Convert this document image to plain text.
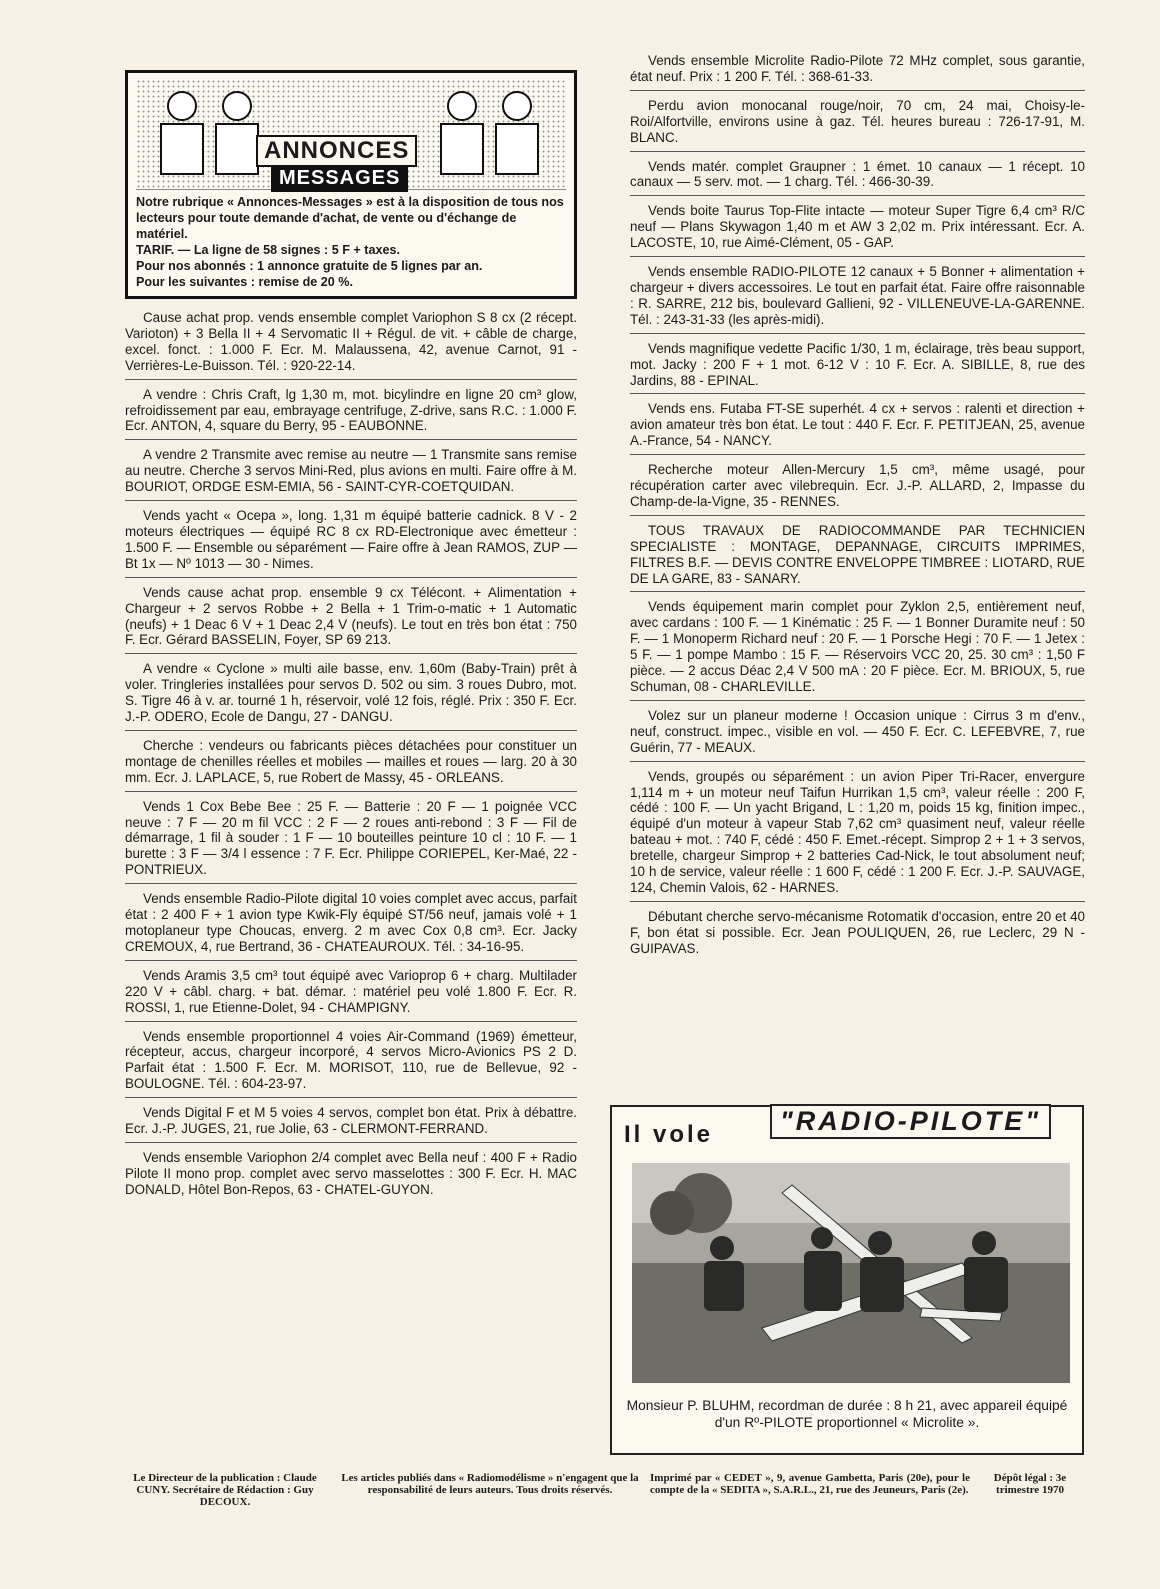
ANNONCES
MESSAGES

Notre rubrique « Annonces-Messages » est à la disposition de tous nos lecteurs pour toute demande d'achat, de vente ou d'échange de matériel.

TARIF. — La ligne de 58 signes : 5 F + taxes.

Pour nos abonnés : 1 annonce gratuite de 5 lignes par an.

Pour les suivantes : remise de 20 %.

Cause achat prop. vends ensemble complet Variophon S 8 cx (2 récept. Varioton) + 3 Bella II + 4 Servomatic II + Régul. de vit. + câble de charge, excel. fonct. : 1.000 F. Ecr. M. Malaussena, 42, avenue Carnot, 91 - Verrières-Le-Buisson. Tél. : 920-22-14.

A vendre : Chris Craft, lg 1,30 m, mot. bicylindre en ligne 20 cm³ glow, refroidissement par eau, embrayage centrifuge, Z-drive, sans R.C. : 1.000 F. Ecr. ANTON, 4, square du Berry, 95 - EAUBONNE.

A vendre 2 Transmite avec remise au neutre — 1 Transmite sans remise au neutre. Cherche 3 servos Mini-Red, plus avions en multi. Faire offre à M. BOURIOT, ORDGE ESM-EMIA, 56 - SAINT-CYR-COETQUIDAN.

Vends yacht « Ocepa », long. 1,31 m équipé batterie cadnick. 8 V - 2 moteurs électriques — équipé RC 8 cx RD-Electronique avec émetteur : 1.500 F. — Ensemble ou séparément — Faire offre à Jean RAMOS, ZUP — Bt 1x — Nº 1013 — 30 - Nimes.

Vends cause achat prop. ensemble 9 cx Télécont. + Alimentation + Chargeur + 2 servos Robbe + 2 Bella + 1 Trim-o-matic + 1 Automatic (neufs) + 1 Deac 6 V + 1 Deac 2,4 V (neufs). Le tout en très bon état : 750 F. Ecr. Gérard BASSELIN, Foyer, SP 69 213.

A vendre « Cyclone » multi aile basse, env. 1,60m (Baby-Train) prêt à voler. Tringleries installées pour servos D. 502 ou sim. 3 roues Dubro, mot. S. Tigre 46 à v. ar. tourné 1 h, réservoir, volé 12 fois, réglé. Prix : 350 F. Ecr. J.-P. ODERO, Ecole de Dangu, 27 - DANGU.

Cherche : vendeurs ou fabricants pièces détachées pour constituer un montage de chenilles réelles et mobiles — mailles et roues — larg. 20 à 30 mm. Ecr. J. LAPLACE, 5, rue Robert de Massy, 45 - ORLEANS.

Vends 1 Cox Bebe Bee : 25 F. — Batterie : 20 F — 1 poignée VCC neuve : 7 F — 20 m fil VCC : 2 F — 2 roues anti-rebond : 3 F — Fil de démarrage, 1 fil à souder : 1 F — 10 bouteilles peinture 10 cl : 10 F. — 1 burette : 3 F — 3/4 l essence : 7 F. Ecr. Philippe CORIEPEL, Ker-Maé, 22 - PONTRIEUX.

Vends ensemble Radio-Pilote digital 10 voies complet avec accus, parfait état : 2 400 F + 1 avion type Kwik-Fly équipé ST/56 neuf, jamais volé + 1 motoplaneur type Choucas, enverg. 2 m avec Cox 0,8 cm³. Ecr. Jacky CREMOUX, 4, rue Bertrand, 36 - CHATEAUROUX. Tél. : 34-16-95.

Vends Aramis 3,5 cm³ tout équipé avec Varioprop 6 + charg. Multilader 220 V + câbl. charg. + bat. démar. : matériel peu volé 1.800 F. Ecr. R. ROSSI, 1, rue Etienne-Dolet, 94 - CHAMPIGNY.

Vends ensemble proportionnel 4 voies Air-Command (1969) émetteur, récepteur, accus, chargeur incorporé, 4 servos Micro-Avionics PS 2 D. Parfait état : 1.500 F. Ecr. M. MORISOT, 110, rue de Bellevue, 92 - BOULOGNE. Tél. : 604-23-97.

Vends Digital F et M 5 voies 4 servos, complet bon état. Prix à débattre. Ecr. J.-P. JUGES, 21, rue Jolie, 63 - CLERMONT-FERRAND.

Vends ensemble Variophon 2/4 complet avec Bella neuf : 400 F + Radio Pilote II mono prop. complet avec servo masselottes : 300 F. Ecr. H. MAC DONALD, Hôtel Bon-Repos, 63 - CHATEL-GUYON.

Vends ensemble Microlite Radio-Pilote 72 MHz complet, sous garantie, état neuf. Prix : 1 200 F. Tél. : 368-61-33.

Perdu avion monocanal rouge/noir, 70 cm, 24 mai, Choisy-le-Roi/Alfortville, environs usine à gaz. Tél. heures bureau : 726-17-91, M. BLANC.

Vends matér. complet Graupner : 1 émet. 10 canaux — 1 récept. 10 canaux — 5 serv. mot. — 1 charg. Tél. : 466-30-39.

Vends boite Taurus Top-Flite intacte — moteur Super Tigre 6,4 cm³ R/C neuf — Plans Skywagon 1,40 m et AW 3 2,02 m. Prix intéressant. Ecr. A. LACOSTE, 10, rue Aimé-Clément, 05 - GAP.

Vends ensemble RADIO-PILOTE 12 canaux + 5 Bonner + alimentation + chargeur + divers accessoires. Le tout en parfait état. Faire offre raisonnable : R. SARRE, 212 bis, boulevard Gallieni, 92 - VILLENEUVE-LA-GARENNE. Tél. : 243-31-33 (les après-midi).

Vends magnifique vedette Pacific 1/30, 1 m, éclairage, très beau support, mot. Jacky : 200 F + 1 mot. 6-12 V : 10 F. Ecr. A. SIBILLE, 8, rue des Jardins, 88 - EPINAL.

Vends ens. Futaba FT-SE superhét. 4 cx + servos : ralenti et direction + avion amateur très bon état. Le tout : 440 F. Ecr. F. PETITJEAN, 25, avenue A.-France, 54 - NANCY.

Recherche moteur Allen-Mercury 1,5 cm³, même usagé, pour récupération carter avec vilebrequin. Ecr. J.-P. ALLARD, 2, Impasse du Champ-de-la-Vigne, 35 - RENNES.

TOUS TRAVAUX DE RADIOCOMMANDE PAR TECHNICIEN SPECIALISTE : MONTAGE, DEPANNAGE, CIRCUITS IMPRIMES, FILTRES B.F. — DEVIS CONTRE ENVELOPPE TIMBREE : LIOTARD, RUE DE LA GARE, 83 - SANARY.

Vends équipement marin complet pour Zyklon 2,5, entièrement neuf, avec cardans : 100 F. — 1 Kinématic : 25 F. — 1 Bonner Duramite neuf : 50 F. — 1 Monoperm Richard neuf : 20 F. — 1 Porsche Hegi : 70 F. — 1 Jetex : 5 F. — 1 pompe Mambo : 15 F. — Réservoirs VCC 20, 25. 30 cm³ : 1,50 F pièce. — 2 accus Déac 2,4 V 500 mA : 20 F pièce. Ecr. M. BRIOUX, 5, rue Schuman, 08 - CHARLEVILLE.

Volez sur un planeur moderne ! Occasion unique : Cirrus 3 m d'env., neuf, construct. impec., visible en vol. — 450 F. Ecr. C. LEFEBVRE, 7, rue Guérin, 77 - MEAUX.

Vends, groupés ou séparément : un avion Piper Tri-Racer, envergure 1,114 m + un moteur neuf Taifun Hurrikan 1,5 cm³, valeur réelle : 200 F, cédé : 100 F. — Un yacht Brigand, L : 1,20 m, poids 15 kg, finition impec., équipé d'un moteur à vapeur Stab 7,62 cm³ quasiment neuf, valeur réelle bateau + mot. : 740 F, cédé : 450 F. Emet.-récept. Simprop 2 + 1 + 3 servos, bretelle, chargeur Simprop + 2 batteries Cad-Nick, le tout absolument neuf; 10 h de service, valeur réelle : 1 600 F, cédé : 1 200 F. Ecr. J.-P. SAUVAGE, 124, Chemin Valois, 62 - HARNES.

Débutant cherche servo-mécanisme Rotomatik d'occasion, entre 20 et 40 F, bon état si possible. Ecr. Jean POULIQUEN, 26, rue Leclerc, 29 N - GUIPAVAS.

Il vole	"RADIO-PILOTE"
Monsieur P. BLUHM, recordman de durée : 8 h 21, avec appareil équipé d'un Rº-PILOTE proportionnel « Microlite ».
Le Directeur de la publication : Claude CUNY. Secrétaire de Rédaction : Guy DECOUX.
Les articles publiés dans « Radiomodélisme » n'engagent que la responsabilité de leurs auteurs. Tous droits réservés.
Imprimé par « CEDET », 9, avenue Gambetta, Paris (20e), pour le compte de la « SEDITA », S.A.R.L., 21, rue des Jeuneurs, Paris (2e).
Dépôt légal : 3e trimestre 1970
